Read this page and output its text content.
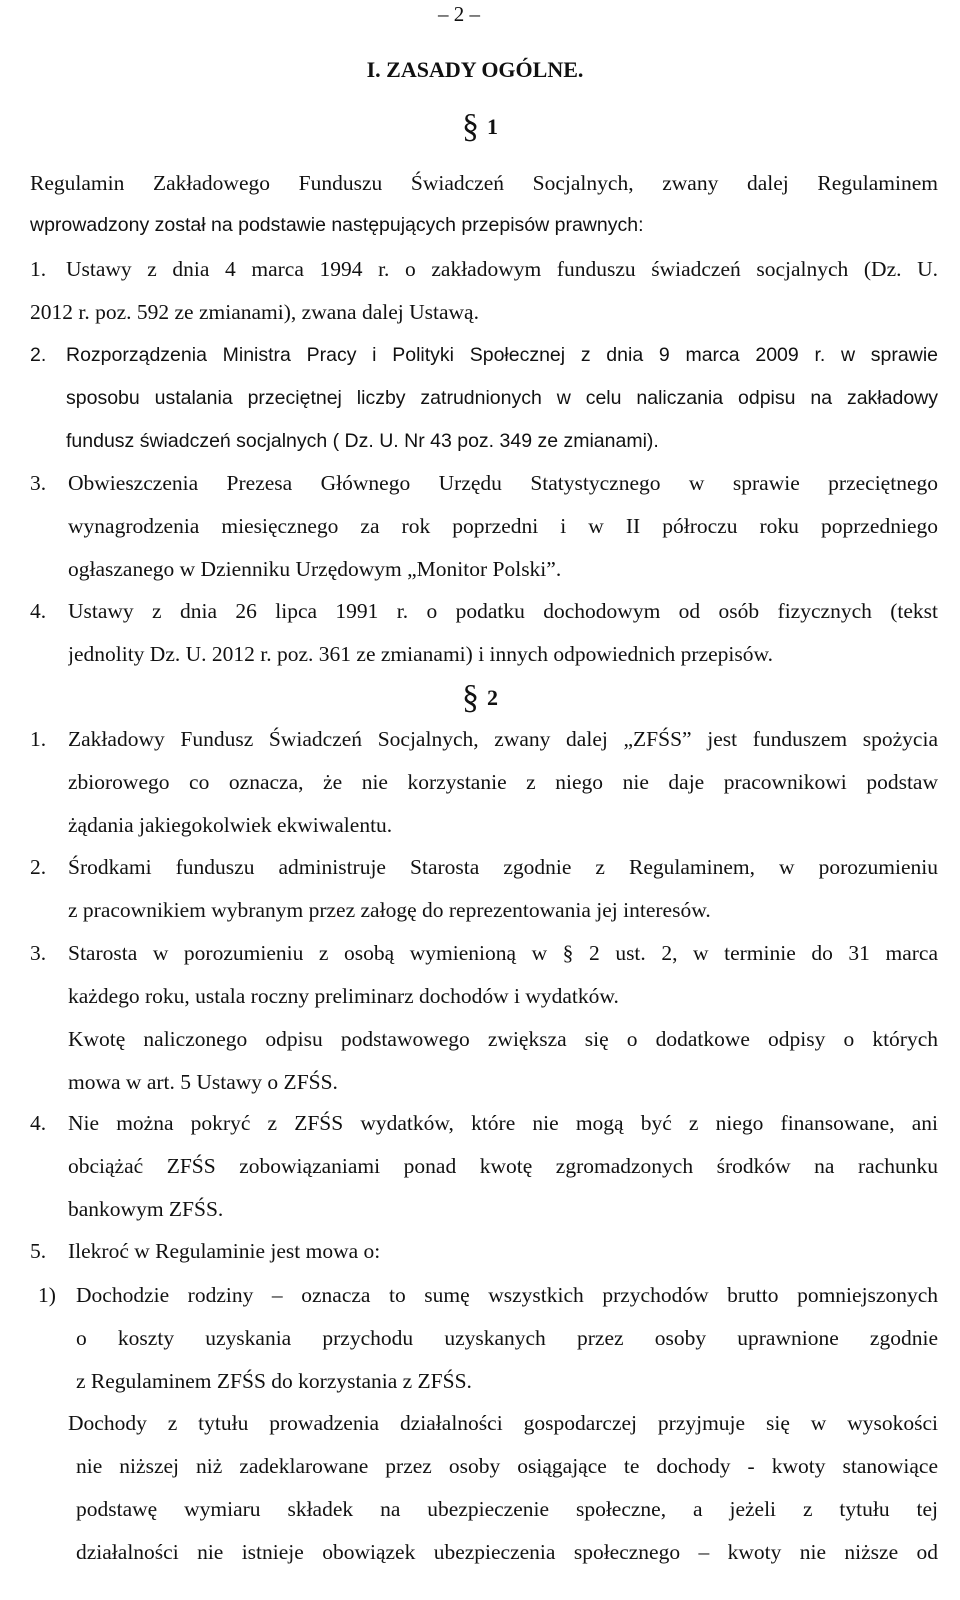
– 2 –
I. ZASADY OGÓLNE.
§ 1
Regulamin Zakładowego Funduszu Świadczeń Socjalnych, zwany dalej Regulaminem
wprowadzony został na podstawie następujących przepisów prawnych:
1. Ustawy z dnia 4 marca 1994 r. o zakładowym funduszu świadczeń socjalnych (Dz. U.
2012 r. poz. 592 ze zmianami), zwana dalej Ustawą.
2. Rozporządzenia Ministra Pracy i Polityki Społecznej z dnia 9 marca 2009 r. w sprawie
sposobu ustalania przeciętnej liczby zatrudnionych w celu naliczania odpisu na zakładowy
fundusz świadczeń socjalnych ( Dz. U. Nr 43 poz. 349 ze zmianami).
3. Obwieszczenia Prezesa Głównego Urzędu Statystycznego w sprawie przeciętnego
wynagrodzenia miesięcznego za rok poprzedni i w II półroczu roku poprzedniego
ogłaszanego w Dzienniku Urzędowym „Monitor Polski”.
4. Ustawy z dnia 26 lipca 1991 r. o podatku dochodowym od osób fizycznych (tekst
jednolity Dz. U. 2012 r. poz. 361 ze zmianami) i innych odpowiednich przepisów.
§ 2
1. Zakładowy Fundusz Świadczeń Socjalnych, zwany dalej „ZFŚS” jest funduszem spożycia
zbiorowego co oznacza, że nie korzystanie z niego nie daje pracownikowi podstaw
żądania jakiegokolwiek ekwiwalentu.
2. Środkami funduszu administruje Starosta zgodnie z Regulaminem, w porozumieniu
z pracownikiem wybranym przez załogę do reprezentowania jej interesów.
3. Starosta w porozumieniu z osobą wymienioną w § 2 ust. 2, w terminie do 31 marca
każdego roku, ustala roczny preliminarz dochodów i wydatków.
Kwotę naliczonego odpisu podstawowego zwiększa się o dodatkowe odpisy o których
mowa w art. 5 Ustawy o ZFŚS.
4. Nie można pokryć z ZFŚS wydatków, które nie mogą być z niego finansowane, ani
obciążać ZFŚS zobowiązaniami ponad kwotę zgromadzonych środków na rachunku
bankowym ZFŚS.
5. Ilekroć w Regulaminie jest mowa o:
1) Dochodzie rodziny – oznacza to sumę wszystkich przychodów brutto pomniejszonych
o koszty uzyskania przychodu uzyskanych przez osoby uprawnione zgodnie
z Regulaminem ZFŚS do korzystania z ZFŚS.
Dochody z tytułu prowadzenia działalności gospodarczej przyjmuje się w wysokości
nie niższej niż zadeklarowane przez osoby osiągające te dochody - kwoty stanowiące
podstawę wymiaru składek na ubezpieczenie społeczne, a jeżeli z tytułu tej
działalności nie istnieje obowiązek ubezpieczenia społecznego – kwoty nie niższe od
